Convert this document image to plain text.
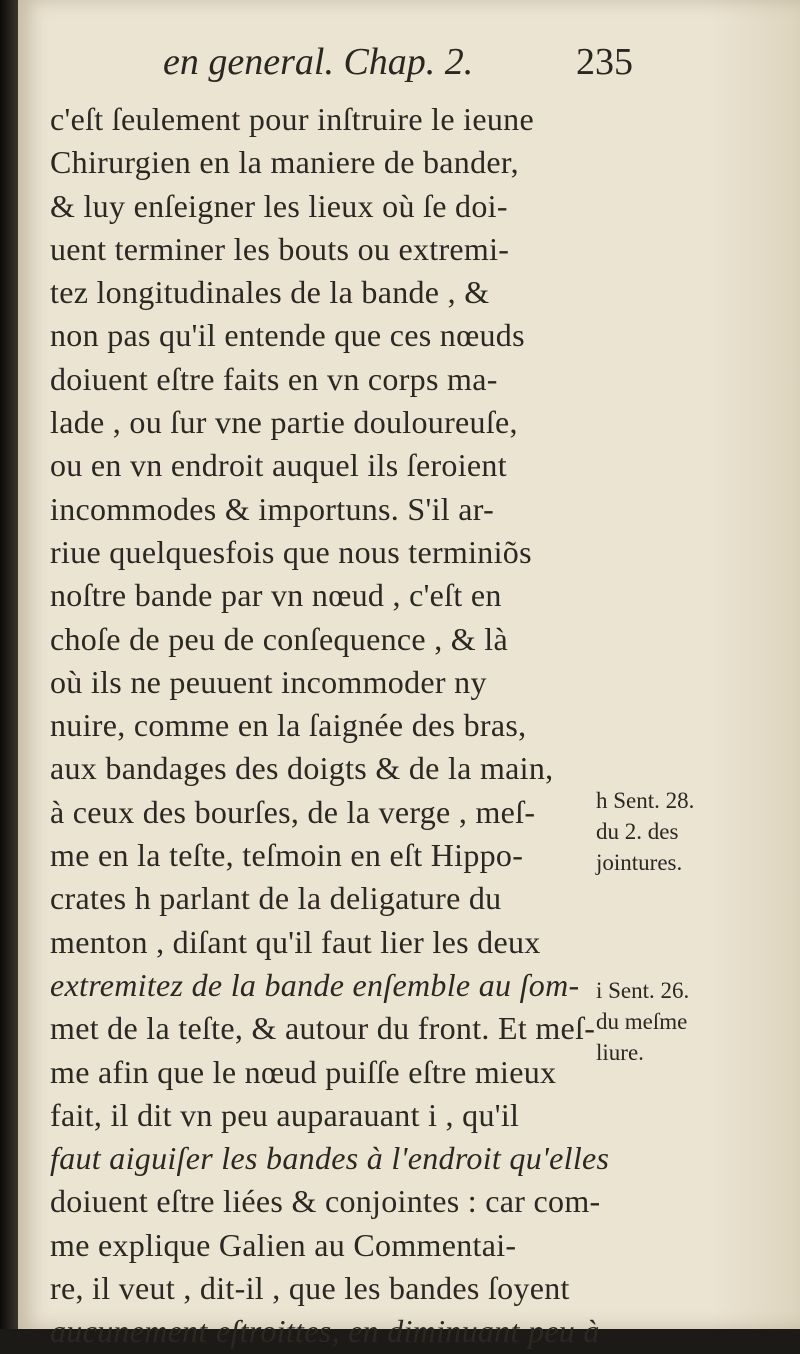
en general. Chap. 2.	235
c'eſt ſeulement pour inſtruire le ieune
Chirurgien en la maniere de bander,
& luy enſeigner les lieux où ſe doi-
uent terminer les bouts ou extremi-
tez longitudinales de la bande , &
non pas qu'il entende que ces nœuds
doiuent eſtre faits en vn corps ma-
lade , ou ſur vne partie douloureuſe,
ou en vn endroit auquel ils ſeroient
incommodes & importuns. S'il ar-
riue quelquesfois que nous terminiõs
noſtre bande par vn nœud , c'eſt en
choſe de peu de conſequence , & là
où ils ne peuuent incommoder ny
nuire, comme en la ſaignée des bras,
aux bandages des doigts & de la main,
à ceux des bourſes, de la verge , meſ-
me en la teſte, teſmoin en eſt Hippo-
crates h parlant de la deligature du
menton , diſant qu'il faut lier les deux
extremitez de la bande enſemble au ſom-
met de la teſte, & autour du front. Et meſ-
me afin que le nœud puiſſe eſtre mieux
fait, il dit vn peu auparauant i , qu'il
faut aiguiſer les bandes à l'endroit qu'elles
doiuent eſtre liées & conjointes : car com-
me explique Galien au Commentai-
re, il veut , dit-il , que les bandes ſoyent
aucunement eſtroittes, en diminuant peu à
h Sent. 28.
du 2. des
jointures.
i Sent. 26.
du meſme
liure.
